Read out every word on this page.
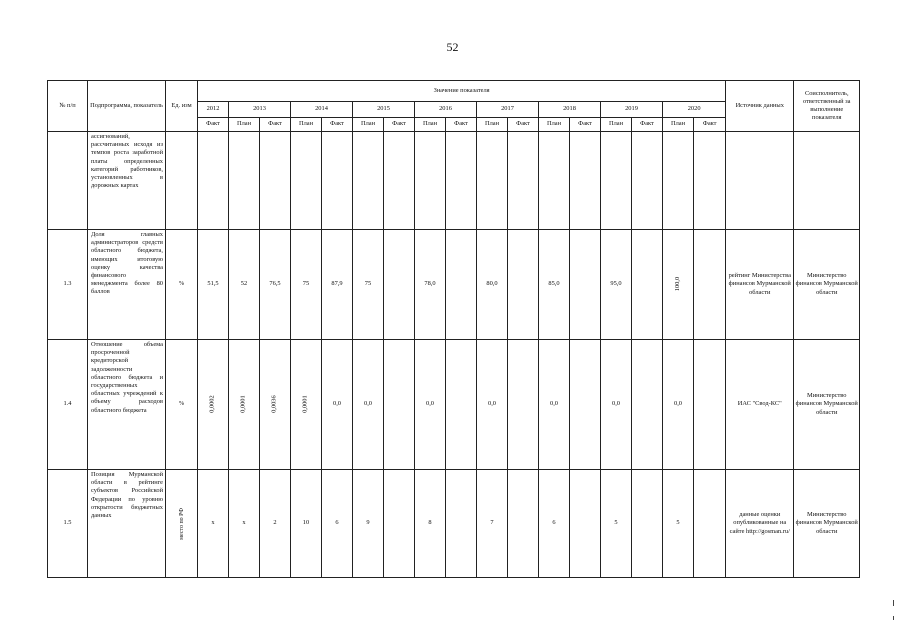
52
№ п/п	Подпрограмма, показатель	Ед. изм	Значение показателя																	Источник данных	Соисполнитель, ответственный за выполнение показателя
			2012	2013		2014		2015		2016		2017		2018		2019		2020			
			Факт	План	Факт	План	Факт	План	Факт	План	Факт	План	Факт	План	Факт	План	Факт	План	Факт		
	ассигнований, рассчитанных исходя из темпов роста заработной платы определенных категорий работников, установленных в дорожных картах																				
1.3	Доля главных администраторов средств областного бюджета, имеющих итоговую оценку качества финансового менеджмента более 80 баллов	%	51,5	52	76,5	75	87,9	75		78,0		80,0		85,0		95,0		100,0		рейтинг Министерства финансов Мурманской области	Министерство финансов Мурманской области
1.4	Отношение объема просроченной кредиторской задолженности областного бюджета и государственных областных учреждений к объему расходов областного бюджета	%	0,0002	0,0001	0,0036	0,0001	0,0	0,0		0,0		0,0		0,0		0,0		0,0		ИАС "Свод-КС"	Министерство финансов Мурманской области
1.5	Позиция Мурманской области в рейтинге субъектов Российской Федерации по уровню открытости бюджетных данных	место по РФ	x	x	2	10	6	9		8		7		6		5		5		данные оценки опубликованные на сайте http://gosman.ru/	Министерство финансов Мурманской области
